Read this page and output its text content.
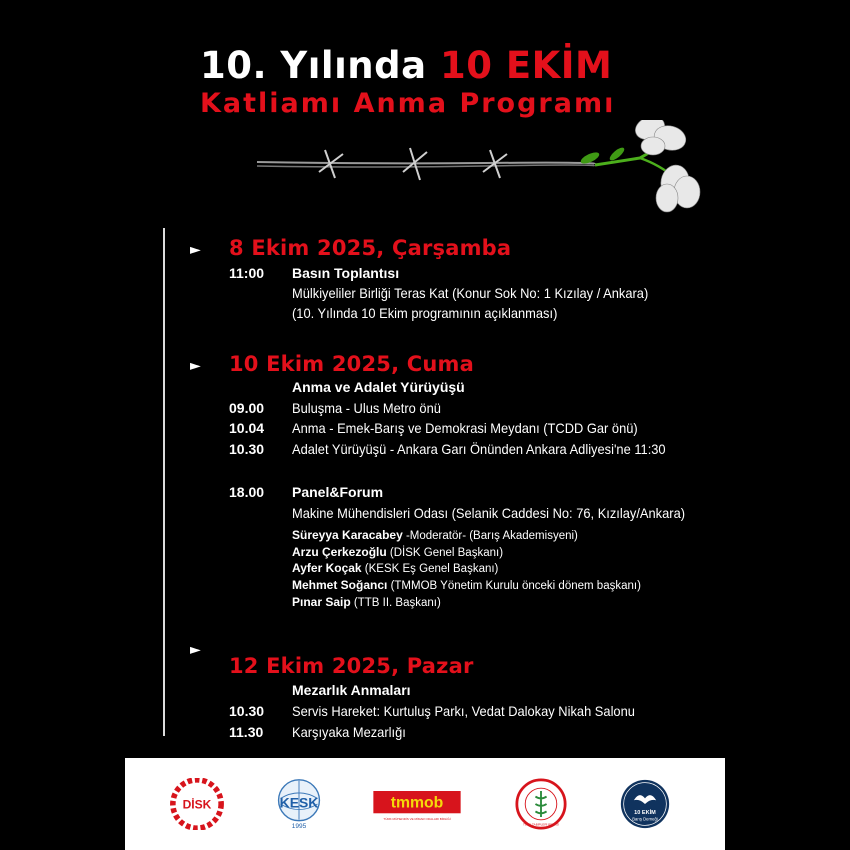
10. Yılında 10 EKİM
Katliamı Anma Programı
► 8 Ekim 2025, Çarşamba
11:00 Basın Toplantısı
Mülkiyeliler Birliği Teras Kat (Konur Sok No: 1 Kızılay / Ankara)
(10. Yılında 10 Ekim programının açıklanması)
► 10 Ekim 2025, Cuma
Anma ve Adalet Yürüyüşü
09.00 Buluşma - Ulus Metro önü
10.04 Anma - Emek-Barış ve Demokrasi Meydanı (TCDD Gar önü)
10.30 Adalet Yürüyüşü - Ankara Garı Önünden Ankara Adliyesi'ne 11:30
18.00 Panel&Forum
Makine Mühendisleri Odası (Selanik Caddesi No: 76, Kızılay/Ankara)
Süreyya Karacabey -Moderatör- (Barış Akademisyeni)
Arzu Çerkezoğlu (DİSK Genel Başkanı)
Ayfer Koçak (KESK Eş Genel Başkanı)
Mehmet Soğancı (TMMOB Yönetim Kurulu önceki dönem başkanı)
Pınar Saip (TTB II. Başkanı)
►
12 Ekim 2025, Pazar
Mezarlık Anmaları
10.30 Servis Hareket: Kurtuluş Parkı, Vedat Dalokay Nikah Salonu
11.30 Karşıyaka Mezarlığı
DİSK	KESK
1995
tmmob
TÜRK MÜHENDİS VE MİMAR ODALARI BİRLİĞİ
TÜRK TABİPLERİ BİRLİĞİ
10 EKİM
Barış Derneği
